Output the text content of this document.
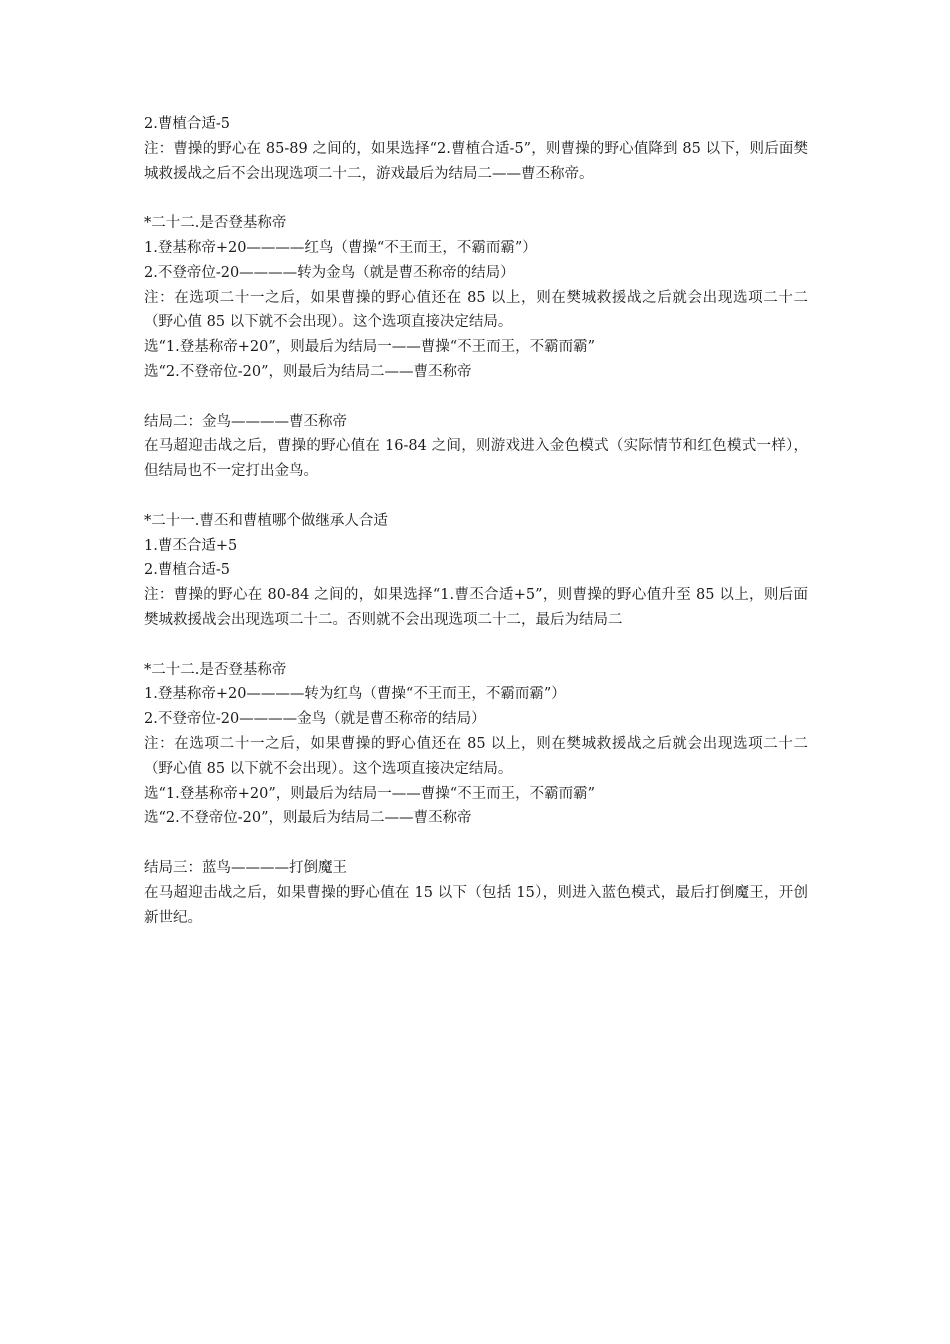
2.曹植合适-5

注：曹操的野心在 85-89 之间的，如果选择“2.曹植合适-5”，则曹操的野心值降到 85 以下，则后面樊城救援战之后不会出现选项二十二，游戏最后为结局二——曹丕称帝。

*二十二.是否登基称帝

1.登基称帝+20————红鸟（曹操“不王而王，不霸而霸”）

2.不登帝位-20————转为金鸟（就是曹丕称帝的结局）

注：在选项二十一之后，如果曹操的野心值还在 85 以上，则在樊城救援战之后就会出现选项二十二（野心值 85 以下就不会出现）。这个选项直接决定结局。

选“1.登基称帝+20”，则最后为结局一——曹操“不王而王，不霸而霸”

选“2.不登帝位-20”，则最后为结局二——曹丕称帝

结局二：金鸟————曹丕称帝

在马超迎击战之后，曹操的野心值在 16-84 之间，则游戏进入金色模式（实际情节和红色模式一样），但结局也不一定打出金鸟。

*二十一.曹丕和曹植哪个做继承人合适

1.曹丕合适+5

2.曹植合适-5

注：曹操的野心在 80-84 之间的，如果选择“1.曹丕合适+5”，则曹操的野心值升至 85 以上，则后面樊城救援战会出现选项二十二。否则就不会出现选项二十二，最后为结局二

*二十二.是否登基称帝

1.登基称帝+20————转为红鸟（曹操“不王而王，不霸而霸”）

2.不登帝位-20————金鸟（就是曹丕称帝的结局）

注：在选项二十一之后，如果曹操的野心值还在 85 以上，则在樊城救援战之后就会出现选项二十二（野心值 85 以下就不会出现）。这个选项直接决定结局。

选“1.登基称帝+20”，则最后为结局一——曹操“不王而王，不霸而霸”

选“2.不登帝位-20”，则最后为结局二——曹丕称帝

结局三：蓝鸟————打倒魔王

在马超迎击战之后，如果曹操的野心值在 15 以下（包括 15），则进入蓝色模式，最后打倒魔王，开创新世纪。
